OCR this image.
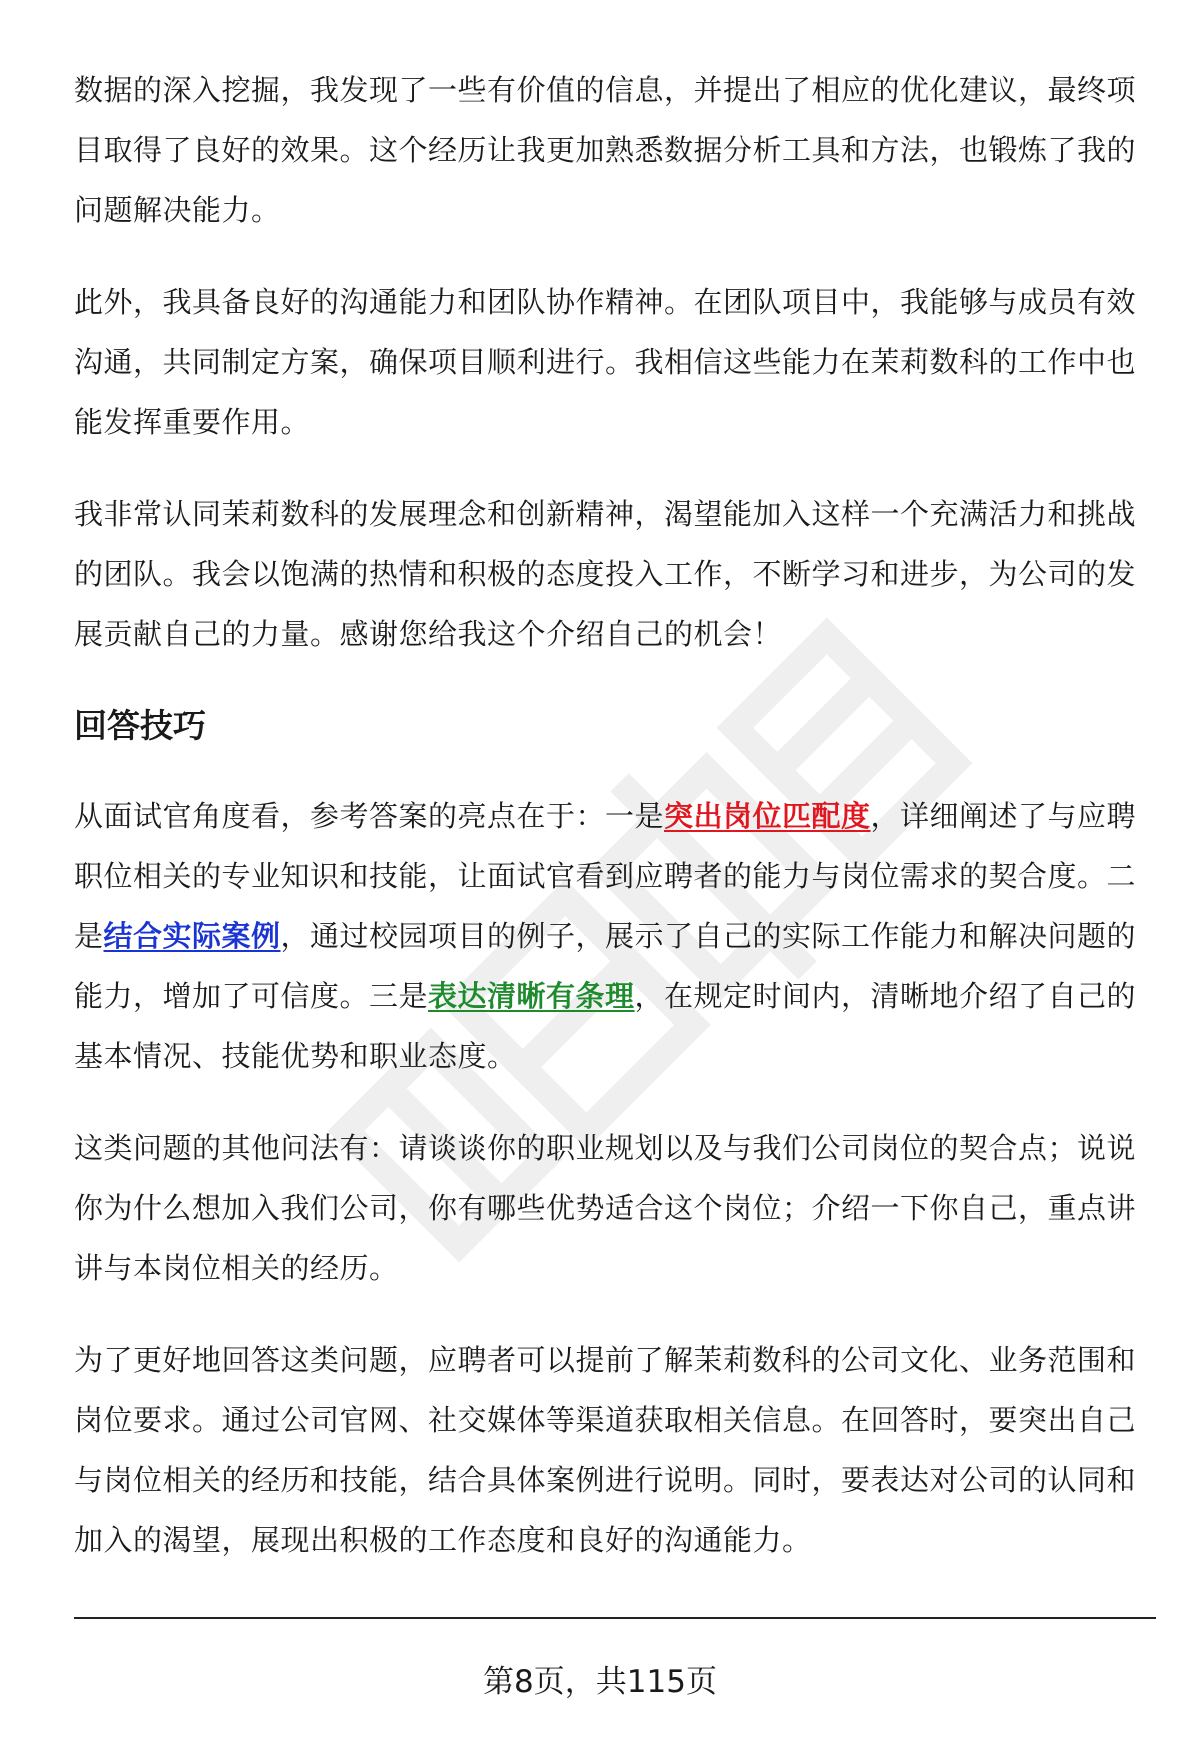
数据的深入挖掘，我发现了一些有价值的信息，并提出了相应的优化建议，最终项目取得了良好的效果。这个经历让我更加熟悉数据分析工具和方法，也锻炼了我的问题解决能力。

此外，我具备良好的沟通能力和团队协作精神。在团队项目中，我能够与成员有效沟通，共同制定方案，确保项目顺利进行。我相信这些能力在茉莉数科的工作中也能发挥重要作用。

我非常认同茉莉数科的发展理念和创新精神，渴望能加入这样一个充满活力和挑战的团队。我会以饱满的热情和积极的态度投入工作，不断学习和进步，为公司的发展贡献自己的力量。感谢您给我这个介绍自己的机会！

回答技巧

从面试官角度看，参考答案的亮点在于：一是突出岗位匹配度，详细阐述了与应聘职位相关的专业知识和技能，让面试官看到应聘者的能力与岗位需求的契合度。二是结合实际案例，通过校园项目的例子，展示了自己的实际工作能力和解决问题的能力，增加了可信度。三是表达清晰有条理，在规定时间内，清晰地介绍了自己的基本情况、技能优势和职业态度。

这类问题的其他问法有：请谈谈你的职业规划以及与我们公司岗位的契合点；说说你为什么想加入我们公司，你有哪些优势适合这个岗位；介绍一下你自己，重点讲讲与本岗位相关的经历。

为了更好地回答这类问题，应聘者可以提前了解茉莉数科的公司文化、业务范围和岗位要求。通过公司官网、社交媒体等渠道获取相关信息。在回答时，要突出自己与岗位相关的经历和技能，结合具体案例进行说明。同时，要表达对公司的认同和加入的渴望，展现出积极的工作态度和良好的沟通能力。

第8页，共115页
